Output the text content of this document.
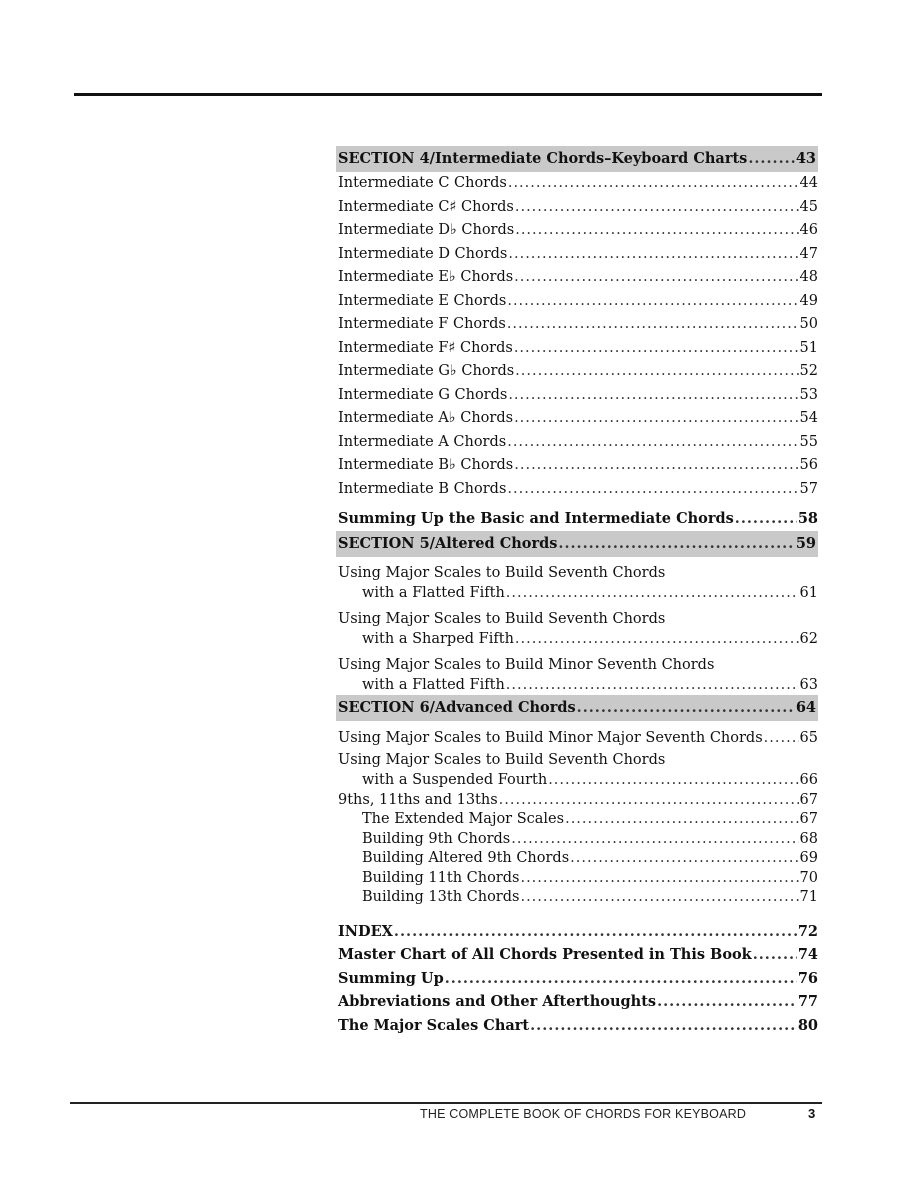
SECTION 4/Intermediate Chords–Keyboard Charts .....	43
Intermediate C Chords .....	44
Intermediate C♯ Chords .....	45
Intermediate D♭ Chords .....	46
Intermediate D Chords .....	47
Intermediate E♭ Chords .....	48
Intermediate E Chords .....	49
Intermediate F Chords .....	50
Intermediate F♯ Chords .....	51
Intermediate G♭ Chords .....	52
Intermediate G Chords .....	53
Intermediate A♭ Chords .....	54
Intermediate A Chords .....	55
Intermediate B♭ Chords .....	56
Intermediate B Chords .....	57
Summing Up the Basic and Intermediate Chords .....	58
SECTION 5/Altered Chords .....	59
Using Major Scales to Build Seventh Chords
with a Flatted Fifth .....	61
Using Major Scales to Build Seventh Chords
with a Sharped Fifth .....	62
Using Major Scales to Build Minor Seventh Chords
with a Flatted Fifth .....	63
SECTION 6/Advanced Chords .....	64
Using Major Scales to Build Minor Major Seventh Chords .....	65
Using Major Scales to Build Seventh Chords
with a Suspended Fourth .....	66
9ths, 11ths and 13ths .....	67
The Extended Major Scales .....	67
Building 9th Chords .....	68
Building Altered 9th Chords .....	69
Building 11th Chords .....	70
Building 13th Chords .....	71
INDEX .....	72
Master Chart of All Chords Presented in This Book .....	74
Summing Up .....	76
Abbreviations and Other Afterthoughts .....	77
The Major Scales Chart .....	80
THE COMPLETE BOOK OF CHORDS FOR KEYBOARD	3
